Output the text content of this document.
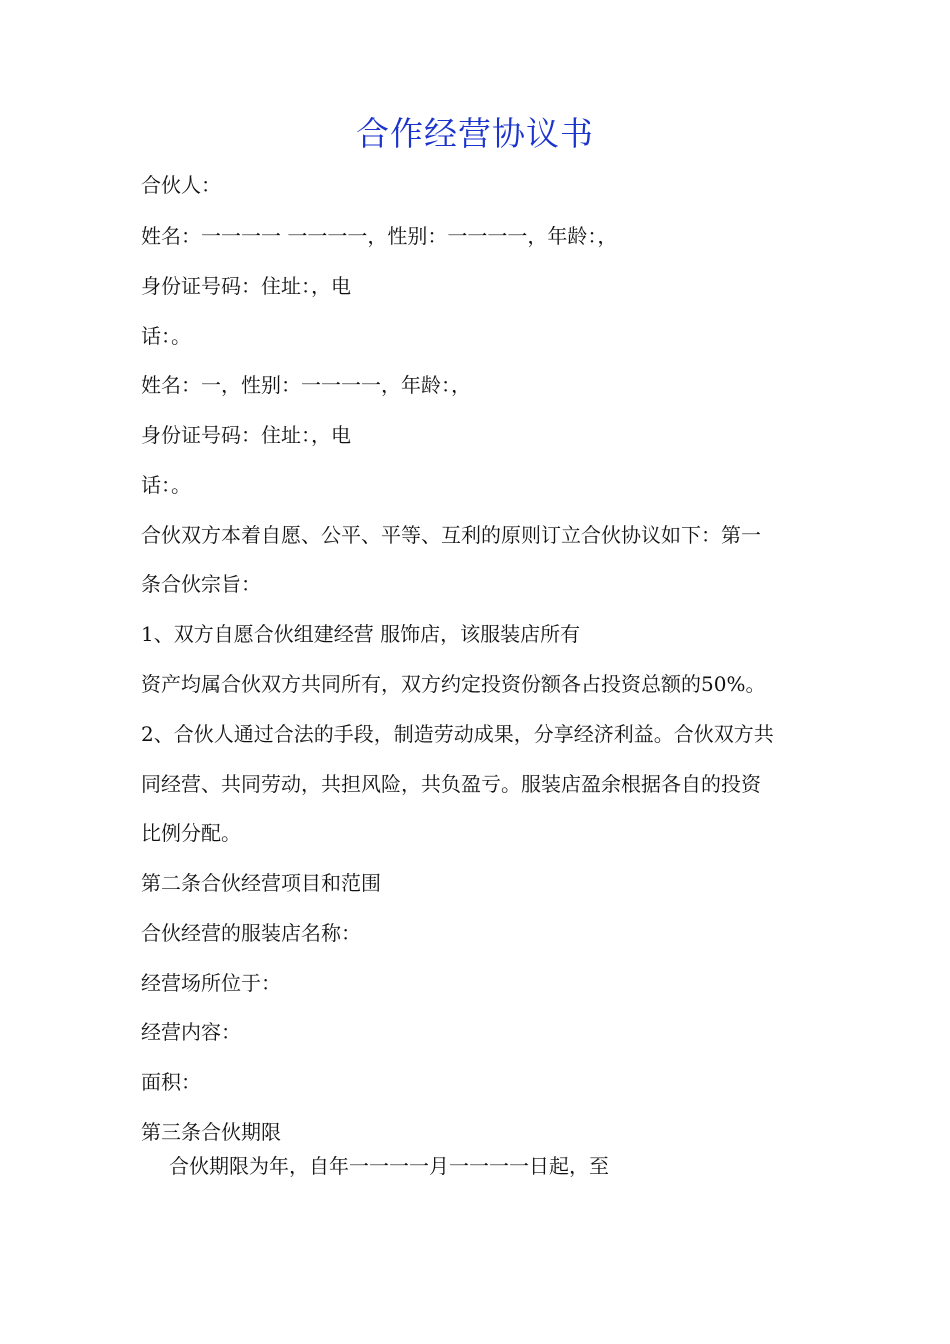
合作经营协议书
合伙人：
姓名：一一一一 一一一一，性别：一一一一，年龄：，
身份证号码：住址：，电
话：。
姓名：一，性别：一一一一，年龄：，
身份证号码：住址：，电
话：。
合伙双方本着自愿、公平、平等、互利的原则订立合伙协议如下：第一
条合伙宗旨：
1、双方自愿合伙组建经营 服饰店，该服装店所有
资产均属合伙双方共同所有，双方约定投资份额各占投资总额的50%。
2、合伙人通过合法的手段，制造劳动成果，分享经济利益。合伙双方共
同经营、共同劳动，共担风险，共负盈亏。服装店盈余根据各自的投资
比例分配。
第二条合伙经营项目和范围
合伙经营的服装店名称：
经营场所位于：
经营内容：
面积：
第三条合伙期限
合伙期限为年，自年一一一一月一一一一日起，至
